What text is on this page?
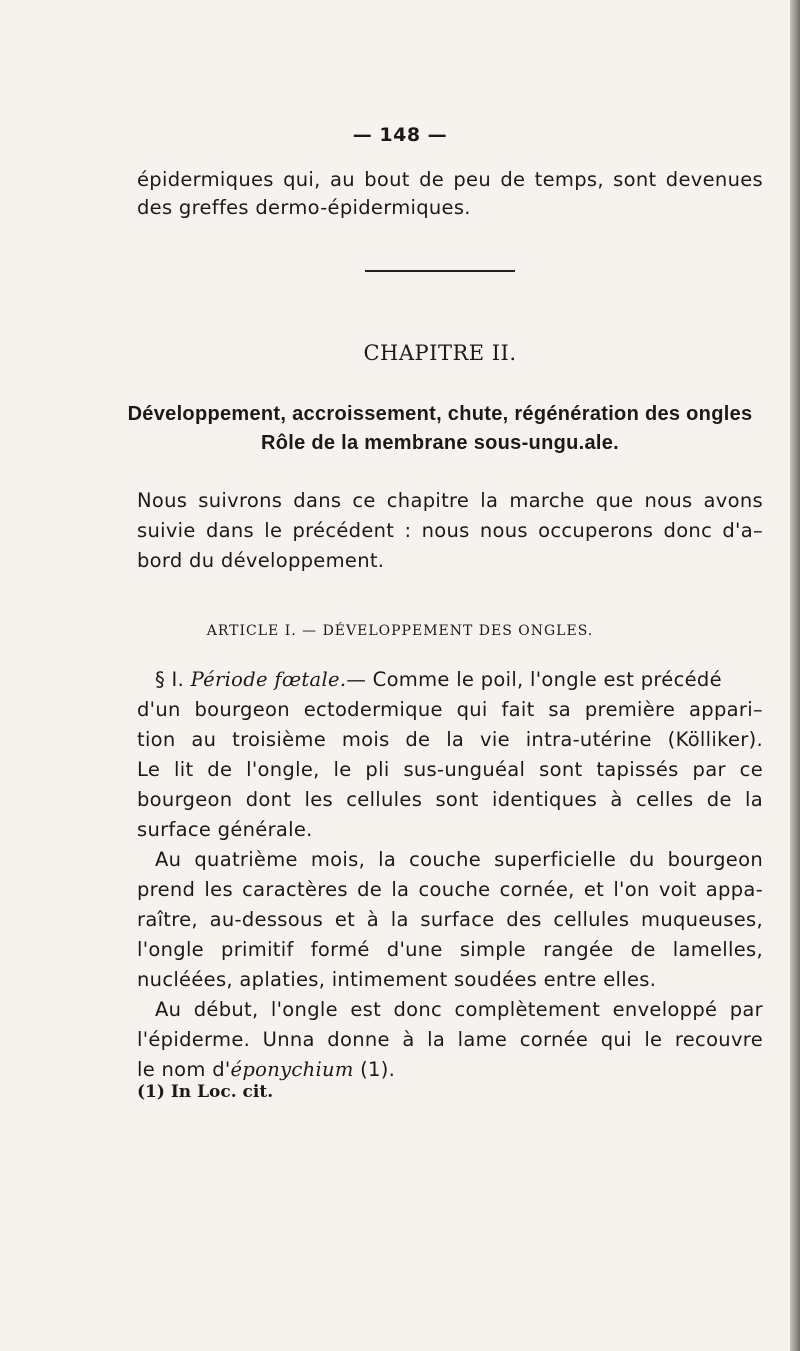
— 148 —
épidermiques qui, au bout de peu de temps, sont devenues
des greffes dermo-épidermiques.
CHAPITRE II.
Développement, accroissement, chute, régénération des ongles
Rôle de la membrane sous-ungu.ale.
Nous suivrons dans ce chapitre la marche que nous avons
suivie dans le précédent : nous nous occuperons donc d'a–
bord du développement.
ARTICLE I. — DÉVELOPPEMENT DES ONGLES.
§ I. Période fœtale.— Comme le poil, l'ongle est précédé
d'un bourgeon ectodermique qui fait sa première appari–
tion au troisième mois de la vie intra-utérine (Kölliker).
Le lit de l'ongle, le pli sus-unguéal sont tapissés par ce
bourgeon dont les cellules sont identiques à celles de la
surface générale.
Au quatrième mois, la couche superficielle du bourgeon
prend les caractères de la couche cornée, et l'on voit appa-
raître, au-dessous et à la surface des cellules muqueuses,
l'ongle primitif formé d'une simple rangée de lamelles,
nucléées, aplaties, intimement soudées entre elles.
Au début, l'ongle est donc complètement enveloppé par
l'épiderme. Unna donne à la lame cornée qui le recouvre
le nom d'éponychium (1).
(1) In Loc. cit.
